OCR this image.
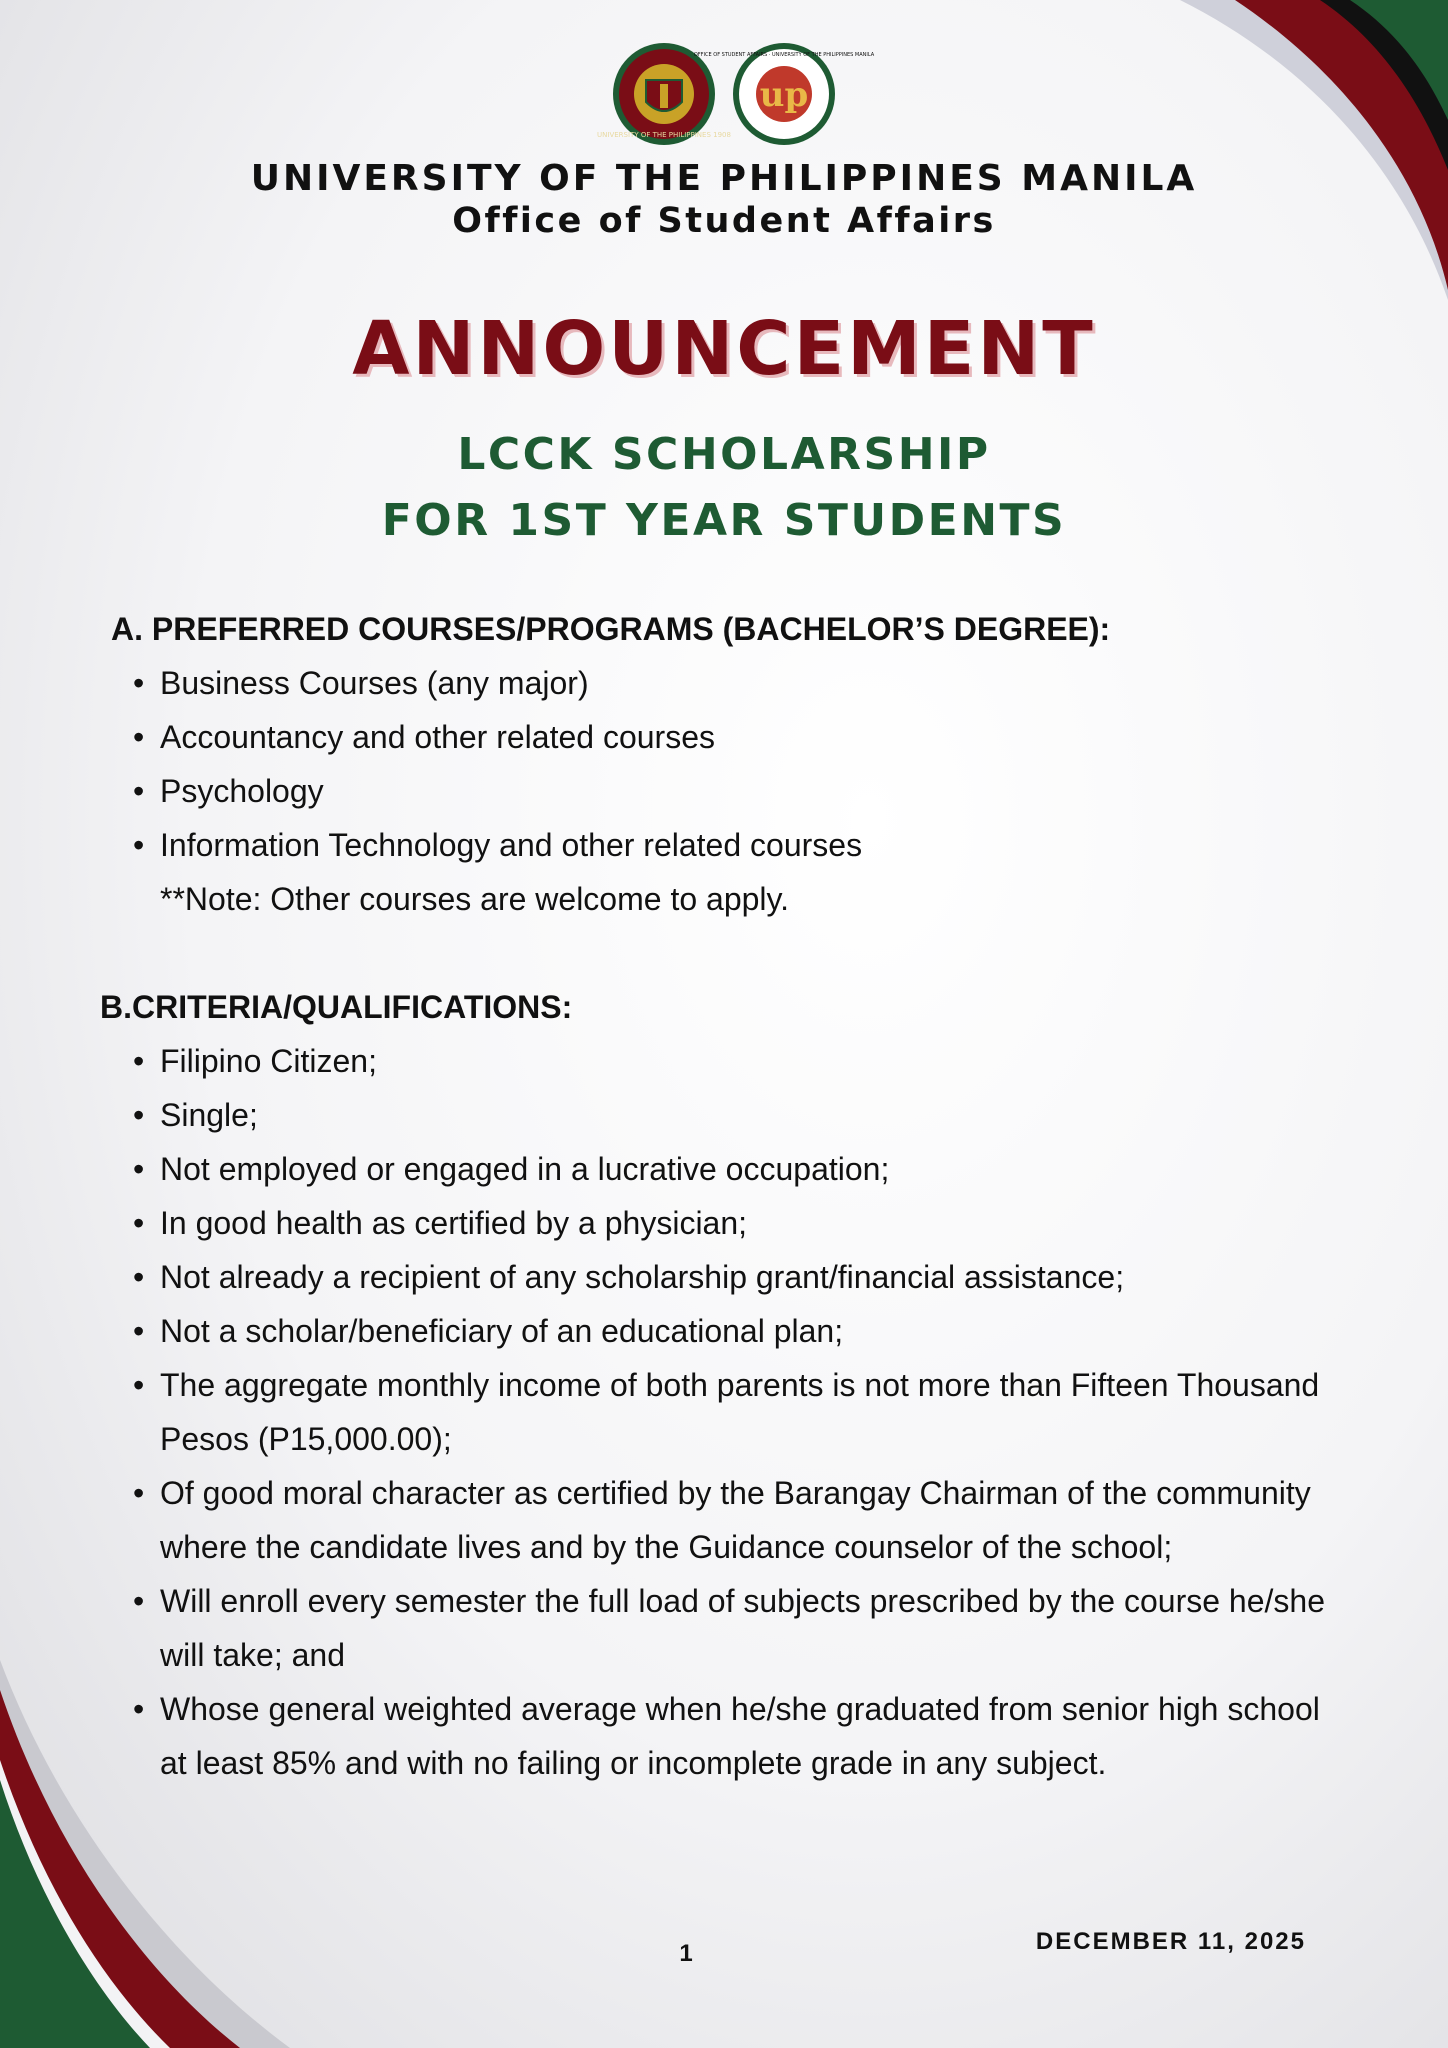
UNIVERSITY OF THE PHILIPPINES 1908
up
OFFICE OF STUDENT AFFAIRS · UNIVERSITY OF THE PHILIPPINES MANILA
UNIVERSITY OF THE PHILIPPINES MANILA
Office of Student Affairs
ANNOUNCEMENT
LCCK SCHOLARSHIP
FOR 1ST YEAR STUDENTS
A. PREFERRED COURSES/PROGRAMS (BACHELOR’S DEGREE):
• Business Courses (any major)
• Accountancy and other related courses
• Psychology
• Information Technology and other related courses
**Note: Other courses are welcome to apply.
B.CRITERIA/QUALIFICATIONS:
• Filipino Citizen;
• Single;
• Not employed or engaged in a lucrative occupation;
• In good health as certified by a physician;
• Not already a recipient of any scholarship grant/financial assistance;
• Not a scholar/beneficiary of an educational plan;
• The aggregate monthly income of both parents is not more than Fifteen Thousand Pesos (P15,000.00);
• Of good moral character as certified by the Barangay Chairman of the community where the candidate lives and by the Guidance counselor of the school;
• Will enroll every semester the full load of subjects prescribed by the course he/she will take; and
• Whose general weighted average when he/she graduated from senior high school at least 85% and with no failing or incomplete grade in any subject.
1	DECEMBER 11, 2025
